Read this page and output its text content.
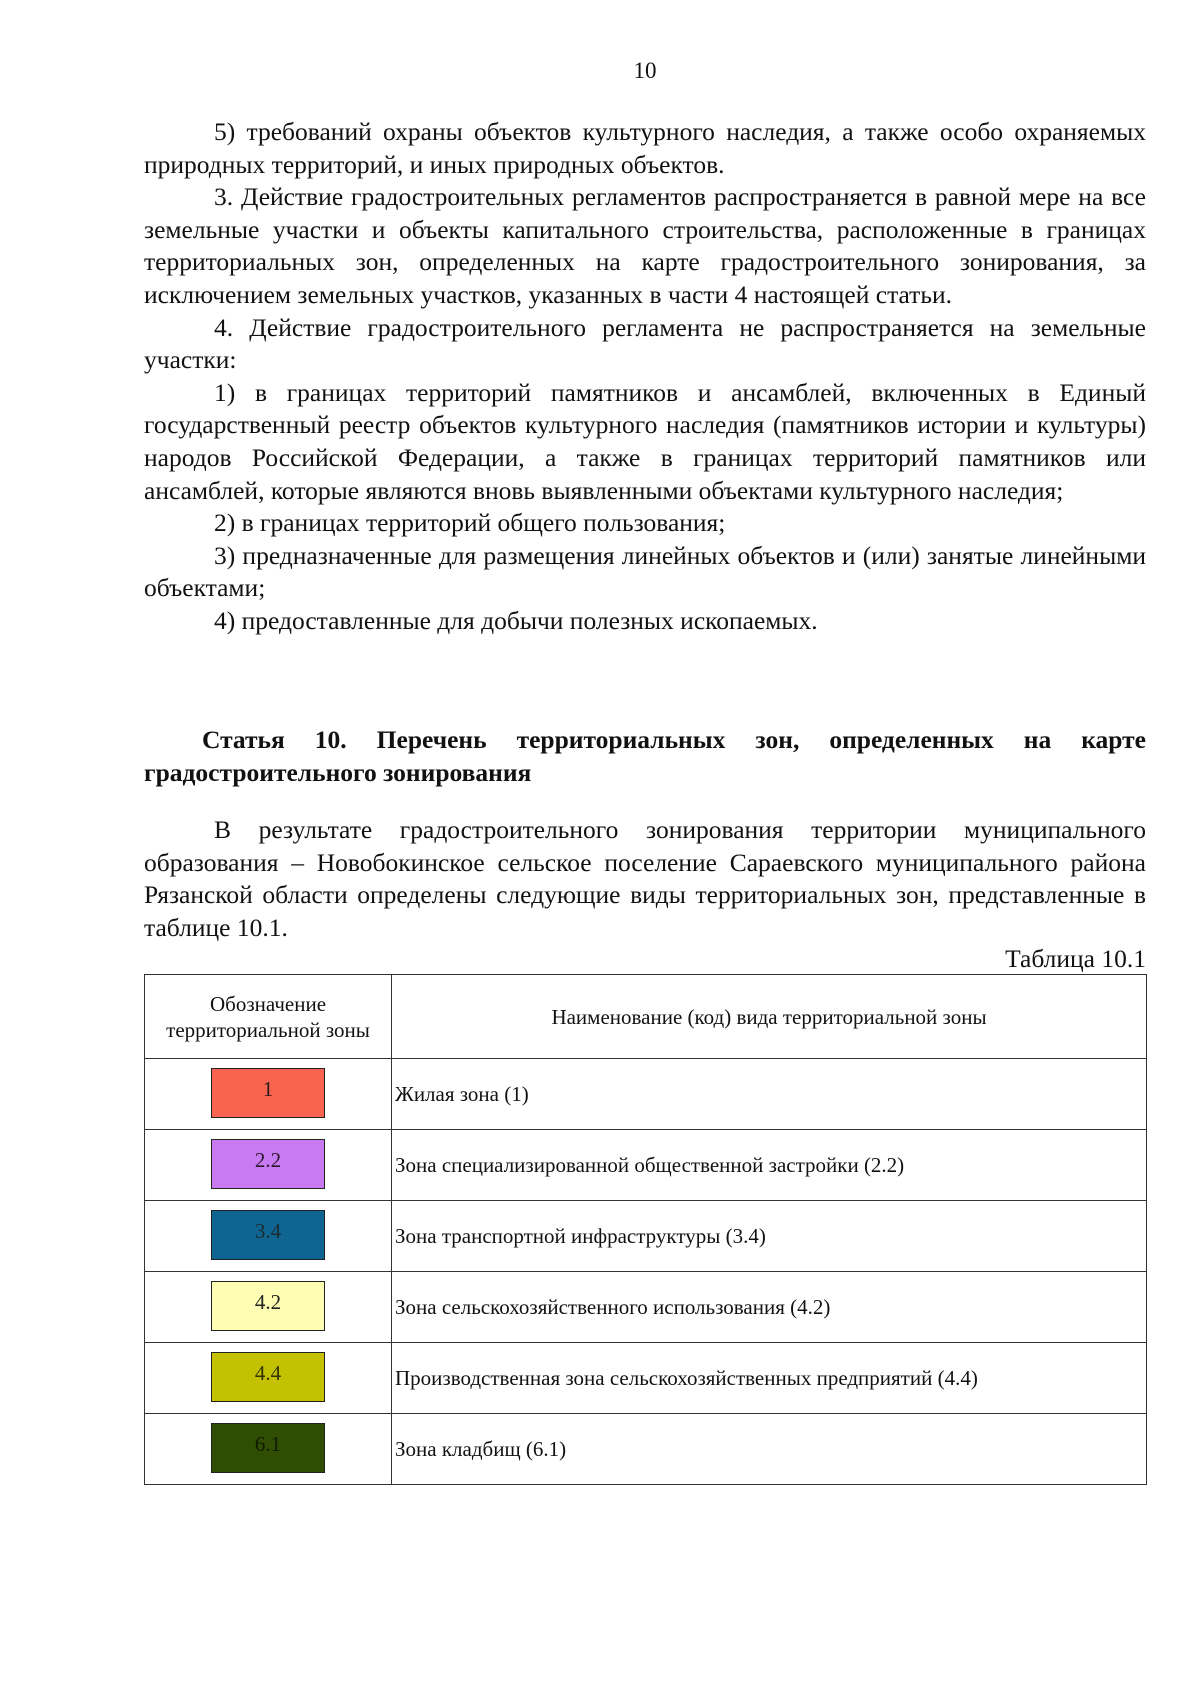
10

5) требований охраны объектов культурного наследия, а также особо охраняемых природных территорий, и иных природных объектов.

3. Действие градостроительных регламентов распространяется в равной мере на все земельные участки и объекты капитального строительства, расположенные в границах территориальных зон, определенных на карте градостроительного зонирования, за исключением земельных участков, указанных в части 4 настоящей статьи.

4. Действие градостроительного регламента не распространяется на земельные участки:

1) в границах территорий памятников и ансамблей, включенных в Единый государственный реестр объектов культурного наследия (памятников истории и культуры) народов Российской Федерации, а также в границах территорий памятников или ансамблей, которые являются вновь выявленными объектами культурного наследия;

2) в границах территорий общего пользования;

3) предназначенные для размещения линейных объектов и (или) занятые линейными объектами;

4) предоставленные для добычи полезных ископаемых.

Статья 10. Перечень территориальных зон, определенных на карте градостроительного зонирования

В результате градостроительного зонирования территории муниципального образования – Новобокинское сельское поселение Сараевского муниципального района Рязанской области определены следующие виды территориальных зон, представленные в таблице 10.1.

Таблица 10.1
Обозначение территориальной зоны	Наименование (код) вида территориальной зоны
1	Жилая зона (1)
2.2	Зона специализированной общественной застройки (2.2)
3.4	Зона транспортной инфраструктуры (3.4)
4.2	Зона сельскохозяйственного использования (4.2)
4.4	Производственная зона сельскохозяйственных предприятий (4.4)
6.1	Зона кладбищ (6.1)
